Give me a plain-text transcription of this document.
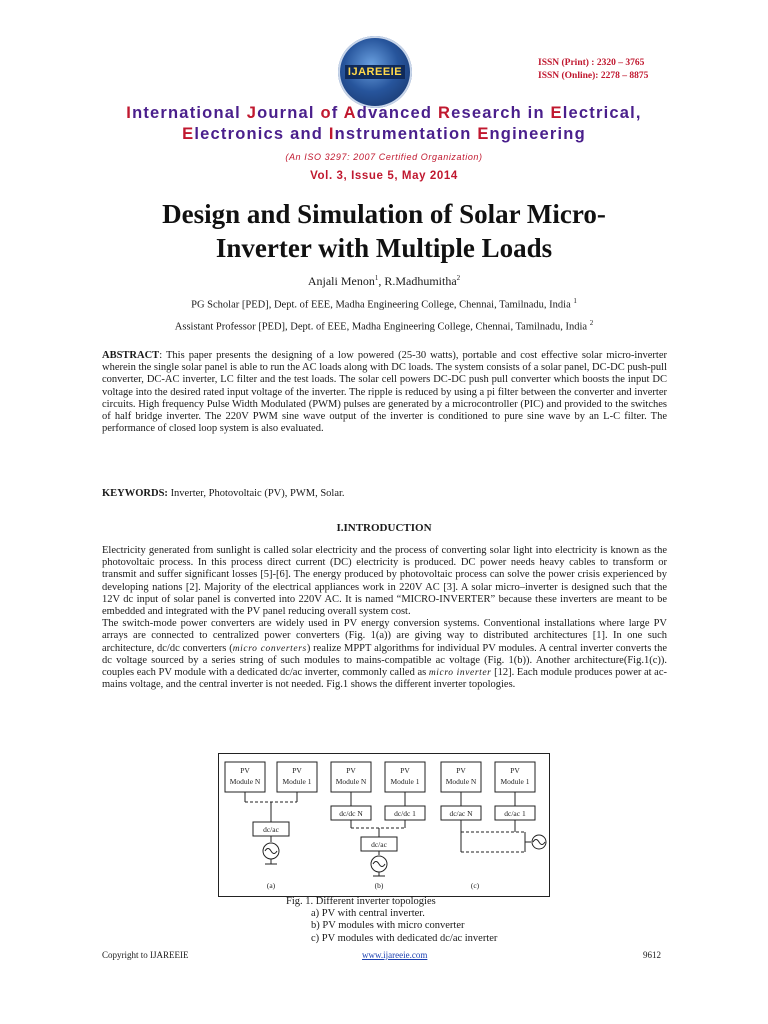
IJAREEIE
ISSN (Print) : 2320 – 3765
ISSN (Online): 2278 – 8875
International Journal of Advanced Research in Electrical,
Electronics and Instrumentation Engineering
(An ISO 3297: 2007 Certified Organization)
Vol. 3, Issue 5, May 2014
Design and Simulation of Solar Micro-
Inverter with Multiple Loads
Anjali Menon$^1$, R.Madhumitha$^2$
PG Scholar [PED], Dept. of EEE, Madha Engineering College, Chennai, Tamilnadu, India $^1$
Assistant Professor [PED], Dept. of EEE, Madha Engineering College, Chennai, Tamilnadu, India $^2$
ABSTRACT: This paper presents the designing of a low powered (25-30 watts), portable and cost effective solar micro-inverter wherein the single solar panel is able to run the AC loads along with DC loads. The system consists of a solar panel, DC-DC push-pull converter, DC-AC inverter, LC filter and the test loads. The solar cell powers DC-DC push pull converter which boosts the input DC voltage into the desired rated input voltage of the inverter. The ripple is reduced by using a pi filter between the converter and inverter circuits. High frequency Pulse Width Modulated (PWM) pulses are generated by a microcontroller (PIC) and provided to the switches of half bridge inverter. The 220V PWM sine wave output of the inverter is conditioned to pure sine wave by an L-C filter. The performance of closed loop system is also evaluated.
KEYWORDS: Inverter, Photovoltaic (PV), PWM, Solar.
I.INTRODUCTION

Electricity generated from sunlight is called solar electricity and the process of converting solar light into electricity is known as the photovoltaic process. In this process direct current (DC) electricity is produced. DC power needs heavy cables to transform or transmit and suffer significant losses [5]-[6]. The energy produced by photovoltaic process can solve the power crisis experienced by developing nations [2]. Majority of the electrical appliances work in 220V AC [3]. A solar micro–inverter is designed such that the 12V dc input of solar panel is converted into 220V AC. It is named “MICRO-INVERTER” because these inverters are meant to be embedded and integrated with the PV panel reducing overall system cost.

The switch-mode power converters are widely used in PV energy conversion systems. Conventional installations where large PV arrays are connected to centralized power converters (Fig. 1(a)) are giving way to distributed architectures [1]. In one such architecture, dc/dc converters (micro converters) realize MPPT algorithms for individual PV modules. A central inverter converts the dc voltage sourced by a series string of such modules to mains-compatible ac voltage (Fig. 1(b)). Another architecture(Fig.1(c)). couples each PV module with a dedicated dc/ac inverter, commonly called as micro inverter [12]. Each module produces power at ac-mains voltage, and the central inverter is not needed. Fig.1 shows the different inverter topologies.

PV
Module N
PV
Module 1
dc/ac
PV
Module N
PV
Module 1
dc/dc N	dc/dc 1
dc/ac
PV
Module N
PV
Module 1
dc/ac N	dc/ac 1
(a)	(b)	(c)
Fig. 1. Different inverter topologies
a) PV with central inverter.
b) PV modules with micro converter
c) PV modules with dedicated dc/ac inverter
Copyright to IJAREEIE	www.ijareeie.com	9612
